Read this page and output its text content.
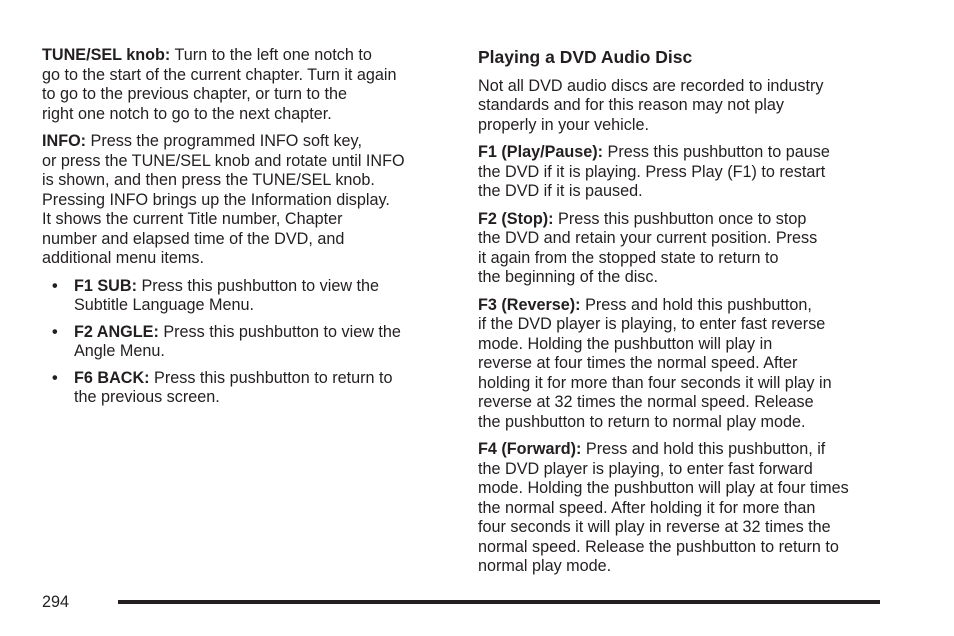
TUNE/SEL knob: Turn to the left one notch to
go to the start of the current chapter. Turn it again
to go to the previous chapter, or turn to the
right one notch to go to the next chapter.

INFO: Press the programmed INFO soft key,
or press the TUNE/SEL knob and rotate until INFO
is shown, and then press the TUNE/SEL knob.
Pressing INFO brings up the Information display.
It shows the current Title number, Chapter
number and elapsed time of the DVD, and
additional menu items.

• F1 SUB: Press this pushbutton to view the
Subtitle Language Menu.
• F2 ANGLE: Press this pushbutton to view the
Angle Menu.
• F6 BACK: Press this pushbutton to return to
the previous screen.
Playing a DVD Audio Disc

Not all DVD audio discs are recorded to industry
standards and for this reason may not play
properly in your vehicle.

F1 (Play/Pause): Press this pushbutton to pause
the DVD if it is playing. Press Play (F1) to restart
the DVD if it is paused.

F2 (Stop): Press this pushbutton once to stop
the DVD and retain your current position. Press
it again from the stopped state to return to
the beginning of the disc.

F3 (Reverse): Press and hold this pushbutton,
if the DVD player is playing, to enter fast reverse
mode. Holding the pushbutton will play in
reverse at four times the normal speed. After
holding it for more than four seconds it will play in
reverse at 32 times the normal speed. Release
the pushbutton to return to normal play mode.

F4 (Forward): Press and hold this pushbutton, if
the DVD player is playing, to enter fast forward
mode. Holding the pushbutton will play at four times
the normal speed. After holding it for more than
four seconds it will play in reverse at 32 times the
normal speed. Release the pushbutton to return to
normal play mode.

294
